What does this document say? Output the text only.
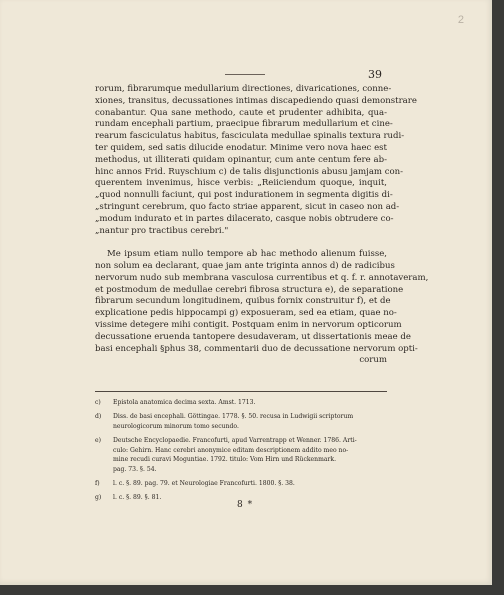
2
39
rorum, fibrarumque medullarium directiones, divaricationes, conne-
xiones, transitus, decussationes intimas discapediendo quasi demonstrare
conabantur. Qua sane methodo, caute et prudenter adhibita, qua-
rundam encephali partium, praecipue fibrarum medullarium et cine-
rearum fasciculatus habitus, fasciculata medullae spinalis textura rudi-
ter quidem, sed satis dilucide enodatur. Minime vero nova haec est
methodus, ut illiterati quidam opinantur, cum ante centum fere ab-
hinc annos Frid. Ruyschium c) de talis disjunctionis abusu jamjam con-
querentem invenimus, hisce verbis: „Reiiciendum quoque, inquit,
„quod nonnulli faciunt, qui post indurationem in segmenta digitis di-
„stringunt cerebrum, quo facto striae apparent, sicut in caseo non ad-
„modum indurato et in partes dilacerato, casque nobis obtrudere co-
„nantur pro tractibus cerebri."
Me ipsum etiam nullo tempore ab hac methodo alienum fuisse,
non solum ea declarant, quae jam ante triginta annos d) de radicibus
nervorum nudo sub membrana vasculosa currentibus et q. f. r. annotaveram,
et postmodum de medullae cerebri fibrosa structura e), de separatione
fibrarum secundum longitudinem, quibus fornix construitur f), et de
explicatione pedis hippocampi g) exposueram, sed ea etiam, quae no-
vissime detegere mihi contigit. Postquam enim in nervorum opticorum
decussatione eruenda tantopere desudaveram, ut dissertationis meae de
basi encephali §phus 38, commentarii duo de decussatione nervorum opti-
corum
c)	Epistola anatomica decima sexta. Amst. 1713.
d)	Diss. de basi encephali. Göttingae. 1778. §. 50. recusa in Ludwigii scriptorum
neurologicorum minorum tomo secundo.
e)	Deutsche Encyclopaedie. Francofurti, apud Varrentrapp et Wenner. 1786. Arti-
culo: Gehirn. Hanc cerebri anonymice editam descriptionem addito meo no-
mine recudi curavi Moguntiae. 1792. titulo: Vom Hirn und Rückenmark.
pag. 73. §. 54.
f)	l. c. §. 89. pag. 79. et Neurologiae Francofurti. 1800. §. 38.
g)	l. c. §. 89. §. 81.
8 *
